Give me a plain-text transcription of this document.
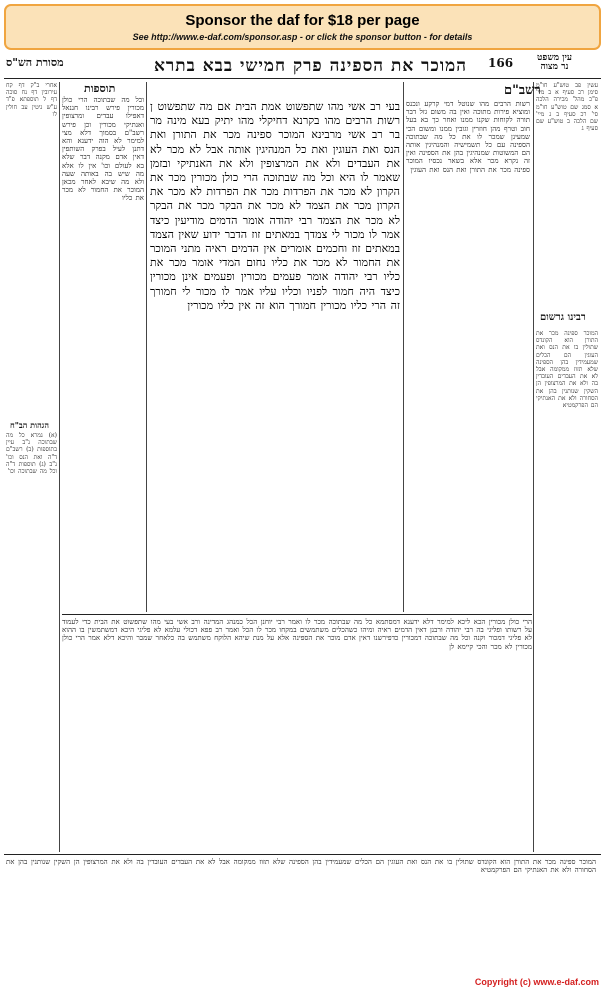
Sponsor the daf for $18 per page
See http://www.e-daf.com/sponsor.asp - or click the sponsor button - for details
מסורת הש"ס	המוכר את הספינה פרק חמישי בבא בתרא 166	עין משפט
נר מצוה
עשין פב טוש"ע חו"מ סימן רכ סעיף א ב מיי' פ"כ מהל' מכירה הלכה א סמג שם טוש"ע חו"מ סי' רכ סעיף ב ג מיי' שם הלכה ב טוש"ע שם סעיף ג
רבינו גרשום
המוכר ספינה מכר את התורן הוא הקונדס שתולין בו את הנס ואת העוגין הם הכלים שמעמידין בהן הספינה שלא תזוז ממקומה אבל לא את העבדים העובדין בה ולא את המרצופין הן השקין שנותנין בהן את הסחורה ולא את האנתיקי הם הפרקמטיא
רשב"ם
רשות הרבים מהו שנוטל דמי קרקע ונכנס ומוציא פירות מתוכה ואין בה משום גזל דבר תורה לקוחות שקנו ממנו ואחר כך בא בעל חוב וטרף מהן חוזרין וגובין ממנו ומשום הכי שמעינן שמכר לו את כל מה שבתוכה הספינה עם כל תשמישיה והמנהיגין אותה הם המשוטות שמנהיגין בהן את הספינה ואין זה נקרא מכר אלא בשאר נכסיו המוכר ספינה מכר את התורן ואת הנס ואת העוגין
בעי רב אשי מהו שתפשוט אמת הבית אם מה שתפשוט ן רשות הרבים מהו בקרנא דחיקלי מהו יתיק בעא מינה מר בר רב אשי מרבינא המוכר ספינה מכר את התורן ואת הנס ואת העוגין ואת כל המנהיגין אותה אבל לא מכר לא את העבדים ולא את המרצופין ולא את האנתיקי ובזמן שאמר לו היא וכל מה שבתוכה הרי כולן מכורין מכר את הקרון לא מכר את הפרדות מכר את הפרדות לא מכר את הקרון מכר את הצמד לא מכר את הבקר מכר את הבקר לא מכר את הצמד רבי יהודה אומר הדמים מודיעין כיצד אמר לו מכור לי צמדך במאתים זוז הדבר ידוע שאין הצמד במאתים זוז וחכמים אומרים אין הדמים ראיה מתני המוכר את החמור לא מכר את כליו נחום המדי אומר מכר את כליו רבי יהודה אומר פעמים מכורין ופעמים אינן מכורין כיצד היה חמור לפניו וכליו עליו אמר לו מכור לי חמורך זה הרי כליו מכורין חמורך הוא זה אין כליו מכורין
תוספות
וכל מה שבתוכה הרי כולן מכורין פירש רבינו חננאל דאפילו עבדים ומרצופין ואנתיקי מכורין וכן פירש רשב"ם בסמוך דלא מצי למימר לא הוה ידענא והא דתנן לעיל בפרק השותפין דאין אדם מקנה דבר שלא בא לעולם וכו' אין לו אלא מה שיש בה באותה שעה ולא מה שיבא לאחר מכאן המוכר את החמור לא מכר את כליו
אחרי ב"ק דף קח עירובין דף נח סוכה דף ל תוספתא פ"ד ע"ש גיטין עב חולין לו
הגהות הב"ח
(א) גמרא כל מה שבתוכה נ"ב עיין בתוספות (ב) רשב"ם ד"ה ואת הנס וכו' נ"ב (ג) תוספות ד"ה וכל מה שבתוכה וכו'
הרי כולן מכורין הכא ליכא למימר דלא ידענא דמסתמא כל מה שבתוכה מכר לו ואמר רבי יוחנן הכל כמנהג המדינה ורב אשי בעי מהו שתפשוט את הבית כדי לעמוד על רשותו ופליגי בה רבי יהודה ורבנן דאין הדמים ראיה ומיהו כשהכלים משתמשים במקחו מכר לו הכל ואמר רב פפא דכולי עלמא לא פליגי היכא דמשתמשין בו ההוא לא פליגי דמכור וקנה וכל מה שבתוכה דמכורין כדפירשנו דאין אדם מוכר את הספינה אלא על מנת שיהא הלוקח משתמש בה כלאחר שמכר והיכא דלא אמר הרי כולן מכורין לא מכר והכי קיימא לן
המוכר ספינה מכר את התורן הוא הקונדס שתולין בו את הנס ואת העוגין הם הכלים שמעמידין בהן הספינה שלא תזוז ממקומה אבל לא את העבדים העובדין בה ולא את המרצופין הן השקין שנותנין בהן את הסחורה ולא את האנתיקי הם הפרקמטיא
Copyright (c) www.e-daf.com
